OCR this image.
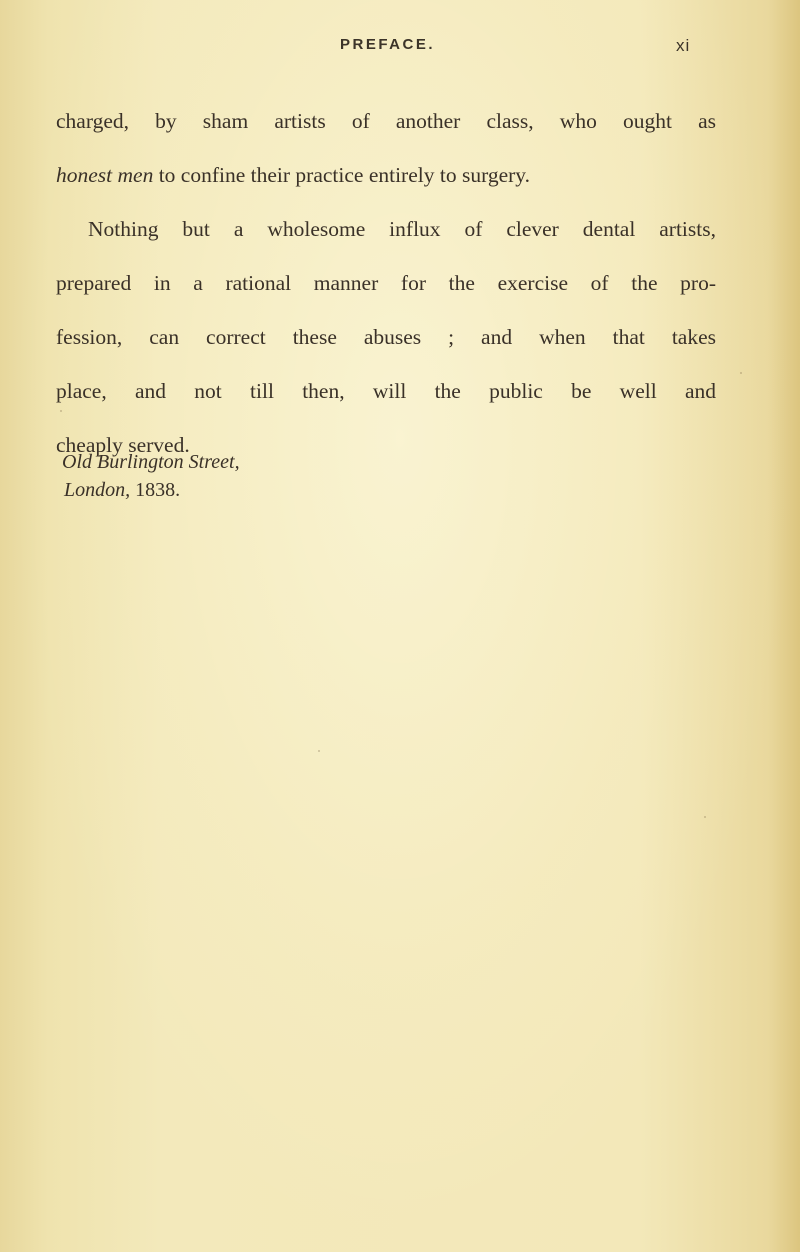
PREFACE.	xi
charged, by sham artists of another class, who ought as
honest men to confine their practice entirely to surgery.
Nothing but a wholesome influx of clever dental artists,
prepared in a rational manner for the exercise of the pro-
fession, can correct these abuses ; and when that takes
place, and not till then, will the public be well and
cheaply served.
Old Burlington Street,
London, 1838.
